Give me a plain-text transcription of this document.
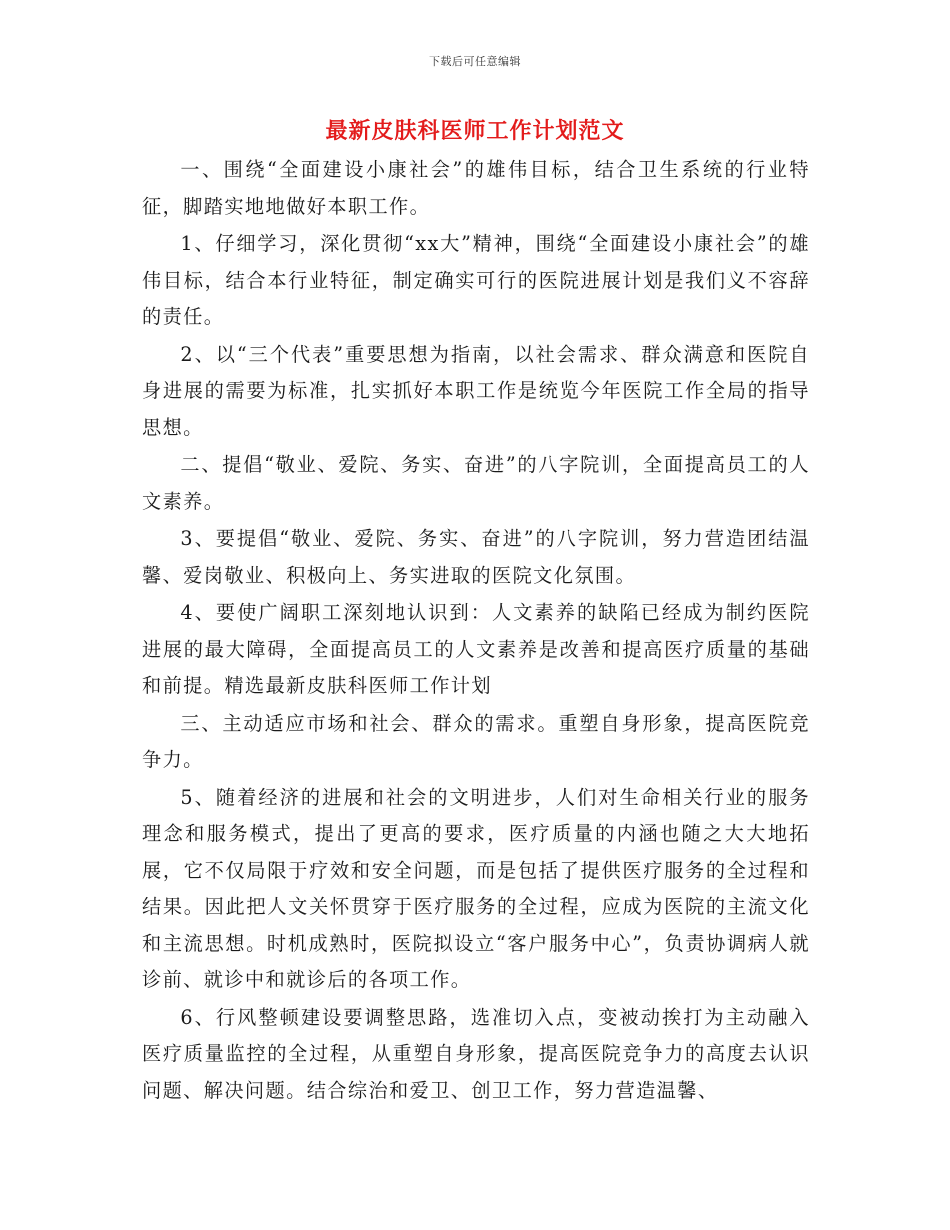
下载后可任意编辑
最新皮肤科医师工作计划范文

一、围绕“全面建设小康社会”的雄伟目标，结合卫生系统的行业特征，脚踏实地地做好本职工作。

1、仔细学习，深化贯彻“xx大”精神，围绕“全面建设小康社会”的雄伟目标，结合本行业特征，制定确实可行的医院进展计划是我们义不容辞的责任。

2、以“三个代表”重要思想为指南，以社会需求、群众满意和医院自身进展的需要为标准，扎实抓好本职工作是统览今年医院工作全局的指导思想。

二、提倡“敬业、爱院、务实、奋进”的八字院训，全面提高员工的人文素养。

3、要提倡“敬业、爱院、务实、奋进”的八字院训，努力营造团结温馨、爱岗敬业、积极向上、务实进取的医院文化氛围。

4、要使广阔职工深刻地认识到：人文素养的缺陷已经成为制约医院进展的最大障碍，全面提高员工的人文素养是改善和提高医疗质量的基础和前提。精选最新皮肤科医师工作计划

三、主动适应市场和社会、群众的需求。重塑自身形象，提高医院竞争力。

5、随着经济的进展和社会的文明进步，人们对生命相关行业的服务理念和服务模式，提出了更高的要求，医疗质量的内涵也随之大大地拓展，它不仅局限于疗效和安全问题，而是包括了提供医疗服务的全过程和结果。因此把人文关怀贯穿于医疗服务的全过程，应成为医院的主流文化和主流思想。时机成熟时，医院拟设立“客户服务中心”，负责协调病人就诊前、就诊中和就诊后的各项工作。

6、行风整顿建设要调整思路，选准切入点，变被动挨打为主动融入医疗质量监控的全过程，从重塑自身形象，提高医院竞争力的高度去认识问题、解决问题。结合综治和爱卫、创卫工作，努力营造温馨、
